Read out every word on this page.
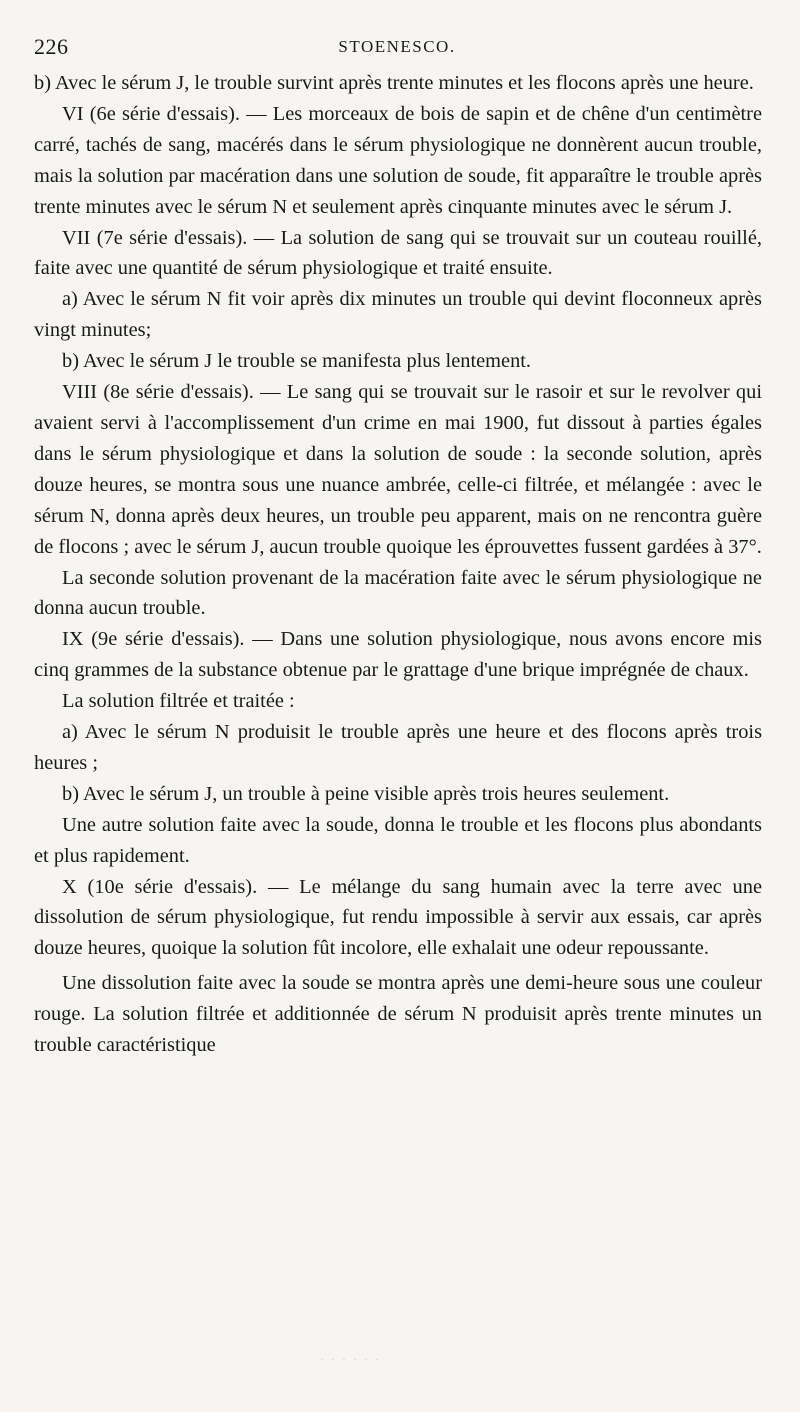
226	STOENESCO.

b) Avec le sérum J, le trouble survint après trente minutes et les flocons après une heure.

VI (6e série d'essais). — Les morceaux de bois de sapin et de chêne d'un centimètre carré, tachés de sang, macérés dans le sérum physiologique ne donnèrent aucun trouble, mais la solution par macération dans une solution de soude, fit apparaître le trouble après trente minutes avec le sérum N et seulement après cinquante minutes avec le sérum J.

VII (7e série d'essais). — La solution de sang qui se trouvait sur un couteau rouillé, faite avec une quantité de sérum physiologique et traité ensuite.

a) Avec le sérum N fit voir après dix minutes un trouble qui devint floconneux après vingt minutes;

b) Avec le sérum J le trouble se manifesta plus lentement.

VIII (8e série d'essais). — Le sang qui se trouvait sur le rasoir et sur le revolver qui avaient servi à l'accomplissement d'un crime en mai 1900, fut dissout à parties égales dans le sérum physiologique et dans la solution de soude : la seconde solution, après douze heures, se montra sous une nuance ambrée, celle-ci filtrée, et mélangée : avec le sérum N, donna après deux heures, un trouble peu apparent, mais on ne rencontra guère de flocons ; avec le sérum J, aucun trouble quoique les éprouvettes fussent gardées à 37°.

La seconde solution provenant de la macération faite avec le sérum physiologique ne donna aucun trouble.

IX (9e série d'essais). — Dans une solution physiologique, nous avons encore mis cinq grammes de la substance obtenue par le grattage d'une brique imprégnée de chaux.

La solution filtrée et traitée :

a) Avec le sérum N produisit le trouble après une heure et des flocons après trois heures ;

b) Avec le sérum J, un trouble à peine visible après trois heures seulement.

Une autre solution faite avec la soude, donna le trouble et les flocons plus abondants et plus rapidement.

X (10e série d'essais). — Le mélange du sang humain avec la terre avec une dissolution de sérum physiologique, fut rendu impossible à servir aux essais, car après douze heures, quoique la solution fût incolore, elle exhalait une odeur repoussante.

Une dissolution faite avec la soude se montra après une demi-heure sous une couleur rouge. La solution filtrée et additionnée de sérum N produisit après trente minutes un trouble caractéristique

· · · · · ·
